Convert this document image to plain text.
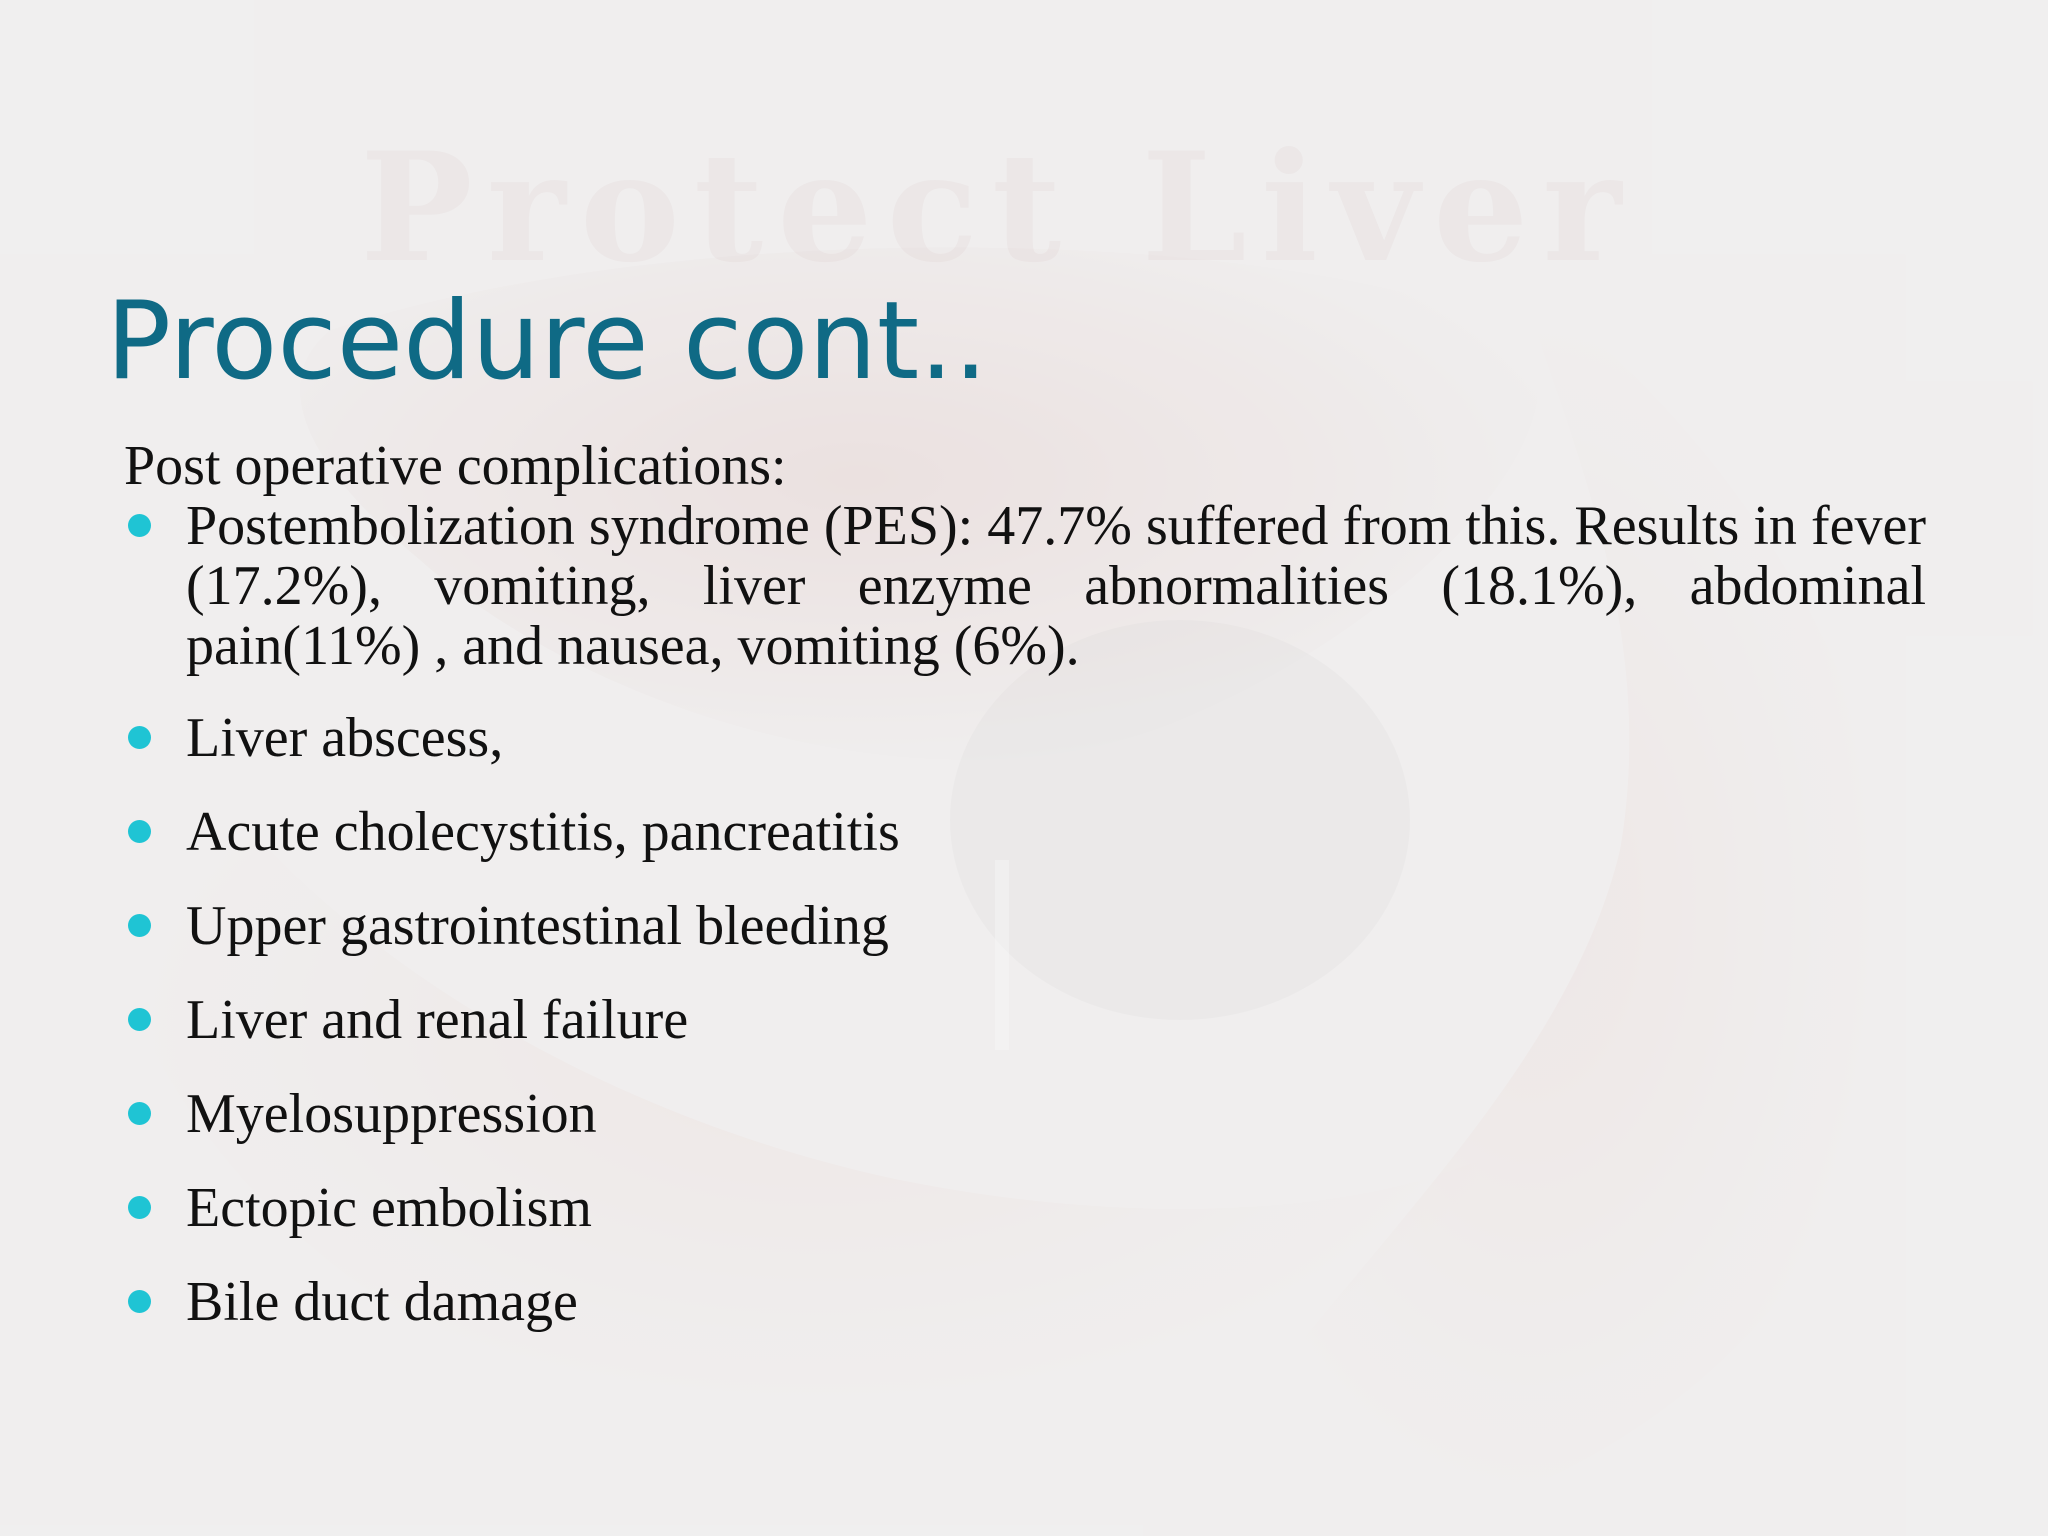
Procedure cont..
Post operative complications:
Postembolization syndrome (PES): 47.7% suffered from this. Results in fever (17.2%), vomiting, liver enzyme abnormalities (18.1%), abdominal pain(11%) , and nausea, vomiting (6%).
Liver abscess,
Acute cholecystitis, pancreatitis
Upper gastrointestinal bleeding
Liver and renal failure
Myelosuppression
Ectopic embolism
Bile duct damage
